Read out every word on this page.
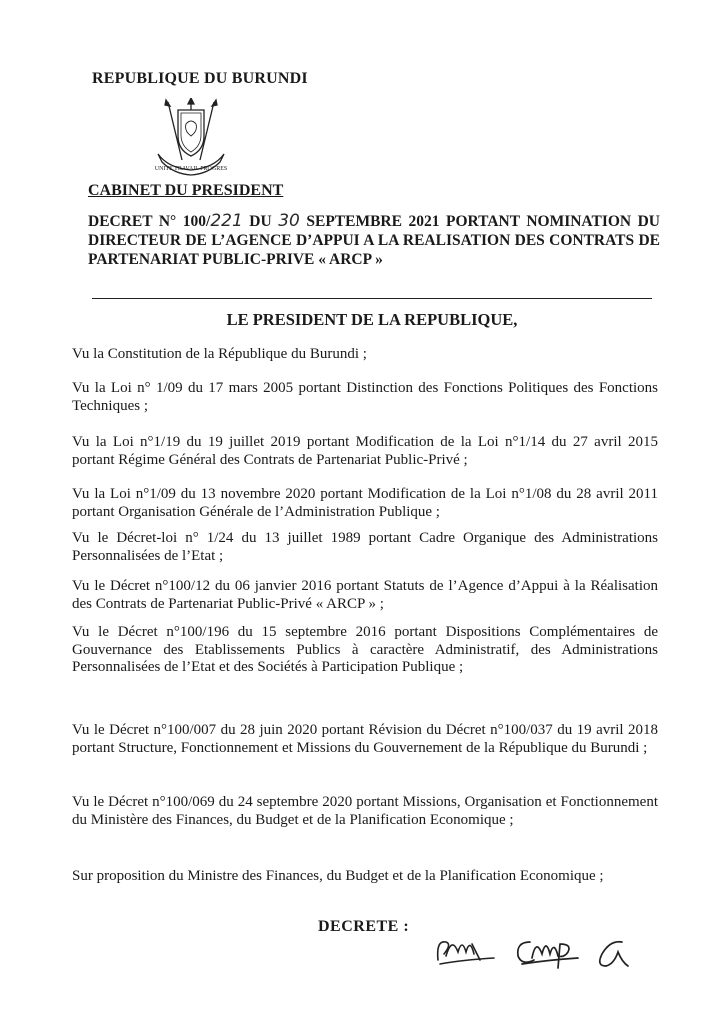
REPUBLIQUE DU BURUNDI
UNITE TRAVAIL PROGRES
CABINET DU PRESIDENT
DECRET N° 100/221 DU 30 SEPTEMBRE 2021 PORTANT NOMINATION DU DIRECTEUR DE L’AGENCE D’APPUI A LA REALISATION DES CONTRATS DE PARTENARIAT PUBLIC-PRIVE « ARCP »
LE PRESIDENT DE LA REPUBLIQUE,

Vu la Constitution de la République du Burundi ;

Vu la Loi n° 1/09 du 17 mars 2005 portant Distinction des Fonctions Politiques des Fonctions Techniques ;

Vu la Loi n°1/19 du 19 juillet 2019 portant Modification de la Loi n°1/14 du 27 avril 2015 portant Régime Général des Contrats de Partenariat Public-Privé ;

Vu la Loi n°1/09 du 13 novembre 2020 portant Modification de la Loi n°1/08 du 28 avril 2011 portant Organisation Générale de l’Administration Publique ;

Vu le Décret-loi n° 1/24 du 13 juillet 1989 portant Cadre Organique des Administrations Personnalisées de l’Etat ;

Vu le Décret n°100/12 du 06 janvier 2016 portant Statuts de l’Agence d’Appui à la Réalisation des Contrats de Partenariat Public-Privé « ARCP » ;

Vu le Décret n°100/196 du 15 septembre 2016 portant Dispositions Complémentaires de Gouvernance des Etablissements Publics à caractère Administratif, des Administrations Personnalisées de l’Etat et des Sociétés à Participation Publique ;

Vu le Décret n°100/007 du 28 juin 2020 portant Révision du Décret n°100/037 du 19 avril 2018 portant Structure, Fonctionnement et Missions du Gouvernement de la République du Burundi ;

Vu le Décret n°100/069 du 24 septembre 2020 portant Missions, Organisation et Fonctionnement du Ministère des Finances, du Budget et de la Planification Economique ;

Sur proposition du Ministre des Finances, du Budget et de la Planification Economique ;

DECRETE :
